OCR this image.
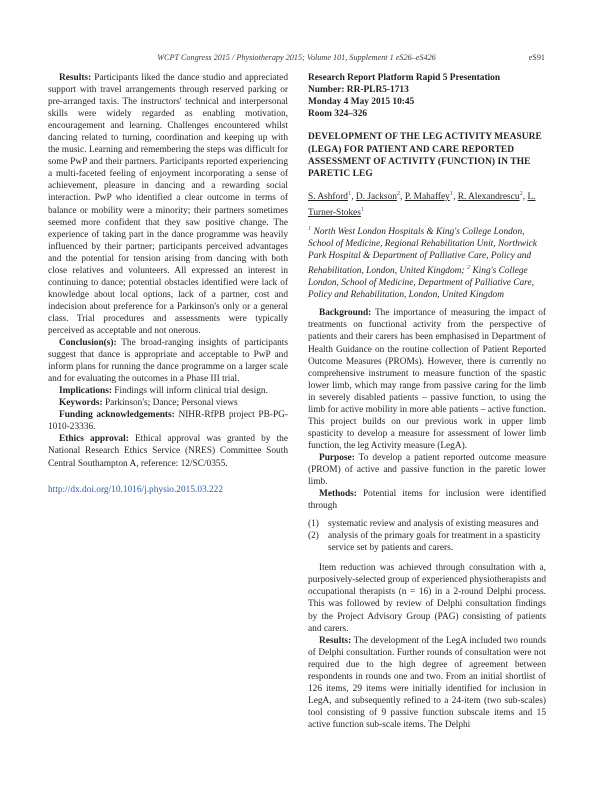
WCPT Congress 2015 / Physiotherapy 2015; Volume 101, Supplement 1 eS26–eS426	eS91

Results: Participants liked the dance studio and appreciated support with travel arrangements through reserved parking or pre-arranged taxis. The instructors' technical and interpersonal skills were widely regarded as enabling motivation, encouragement and learning. Challenges encountered whilst dancing related to turning, coordination and keeping up with the music. Learning and remembering the steps was difficult for some PwP and their partners. Participants reported experiencing a multi-faceted feeling of enjoyment incorporating a sense of achievement, pleasure in dancing and a rewarding social interaction. PwP who identified a clear outcome in terms of balance or mobility were a minority; their partners sometimes seemed more confident that they saw positive change. The experience of taking part in the dance programme was heavily influenced by their partner; participants perceived advantages and the potential for tension arising from dancing with both close relatives and volunteers. All expressed an interest in continuing to dance; potential obstacles identified were lack of knowledge about local options, lack of a partner, cost and indecision about preference for a Parkinson's only or a general class. Trial procedures and assessments were typically perceived as acceptable and not onerous.

Conclusion(s): The broad-ranging insights of participants suggest that dance is appropriate and acceptable to PwP and inform plans for running the dance programme on a larger scale and for evaluating the outcomes in a Phase III trial.

Implications: Findings will inform clinical trial design.

Keywords: Parkinson's; Dance; Personal views

Funding acknowledgements: NIHR-RfPB project PB-PG-1010-23336.

Ethics approval: Ethical approval was granted by the National Research Ethics Service (NRES) Committee South Central Southampton A, reference: 12/SC/0355.

http://dx.doi.org/10.1016/j.physio.2015.03.222

Research Report Platform Rapid 5 Presentation

Number: RR-PLR5-1713

Monday 4 May 2015 10:45

Room 324–326

DEVELOPMENT OF THE LEG ACTIVITY MEASURE (LEGA) FOR PATIENT AND CARE REPORTED ASSESSMENT OF ACTIVITY (FUNCTION) IN THE PARETIC LEG

S. Ashford$^1$, D. Jackson$^2$, P. Mahaffey$^1$, R. Alexandrescu$^2$, L. Turner-Stokes$^1$

$^1$ North West London Hospitals & King's College London, School of Medicine, Regional Rehabilitation Unit, Northwick Park Hospital & Department of Palliative Care, Policy and Rehabilitation, London, United Kingdom; $^2$ King's College London, School of Medicine, Department of Palliative Care, Policy and Rehabilitation, London, United Kingdom

Background: The importance of measuring the impact of treatments on functional activity from the perspective of patients and their carers has been emphasised in Department of Health Guidance on the routine collection of Patient Reported Outcome Measures (PROMs). However, there is currently no comprehensive instrument to measure function of the spastic lower limb, which may range from passive caring for the limb in severely disabled patients – passive function, to using the limb for active mobility in more able patients – active function. This project builds on our previous work in upper limb spasticity to develop a measure for assessment of lower limb function, the leg Activity measure (LegA).

Purpose: To develop a patient reported outcome measure (PROM) of active and passive function in the paretic lower limb.

Methods: Potential items for inclusion were identified through

(1) systematic review and analysis of existing measures and
(2) analysis of the primary goals for treatment in a spasticity service set by patients and carers.

Item reduction was achieved through consultation with a, purposively-selected group of experienced physiotherapists and occupational therapists (n = 16) in a 2-round Delphi process. This was followed by review of Delphi consultation findings by the Project Advisory Group (PAG) consisting of patients and carers.

Results: The development of the LegA included two rounds of Delphi consultation. Further rounds of consultation were not required due to the high degree of agreement between respondents in rounds one and two. From an initial shortlist of 126 items, 29 items were initially identified for inclusion in LegA, and subsequently refined to a 24-item (two sub-scales) tool consisting of 9 passive function subscale items and 15 active function sub-scale items. The Delphi
